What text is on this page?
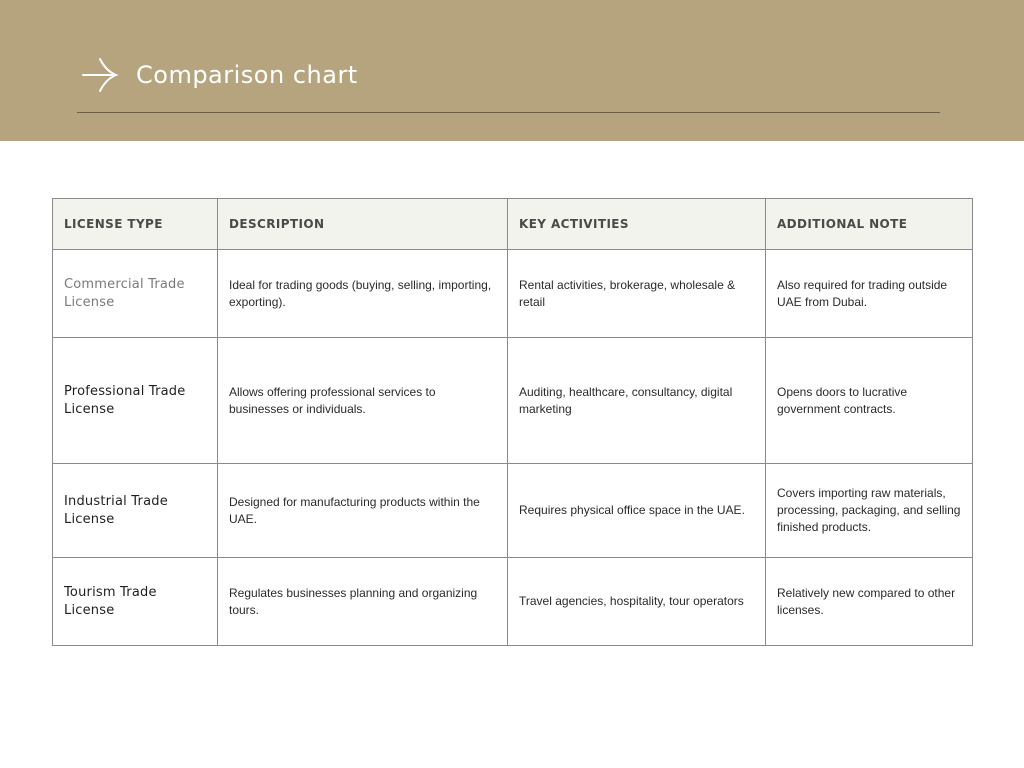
Comparison chart
LICENSE TYPE	DESCRIPTION	KEY ACTIVITIES	ADDITIONAL NOTE
Commercial Trade License	Ideal for trading goods (buying, selling, importing, exporting).	Rental activities, brokerage, wholesale & retail	Also required for trading outside UAE from Dubai.
Professional Trade License	Allows offering professional services to businesses or individuals.	Auditing, healthcare, consultancy, digital marketing	Opens doors to lucrative government contracts.
Industrial Trade License	Designed for manufacturing products within the UAE.	Requires physical office space in the UAE.	Covers importing raw materials, processing, packaging, and selling finished products.
Tourism Trade License	Regulates businesses planning and organizing tours.	Travel agencies, hospitality, tour operators	Relatively new compared to other licenses.
